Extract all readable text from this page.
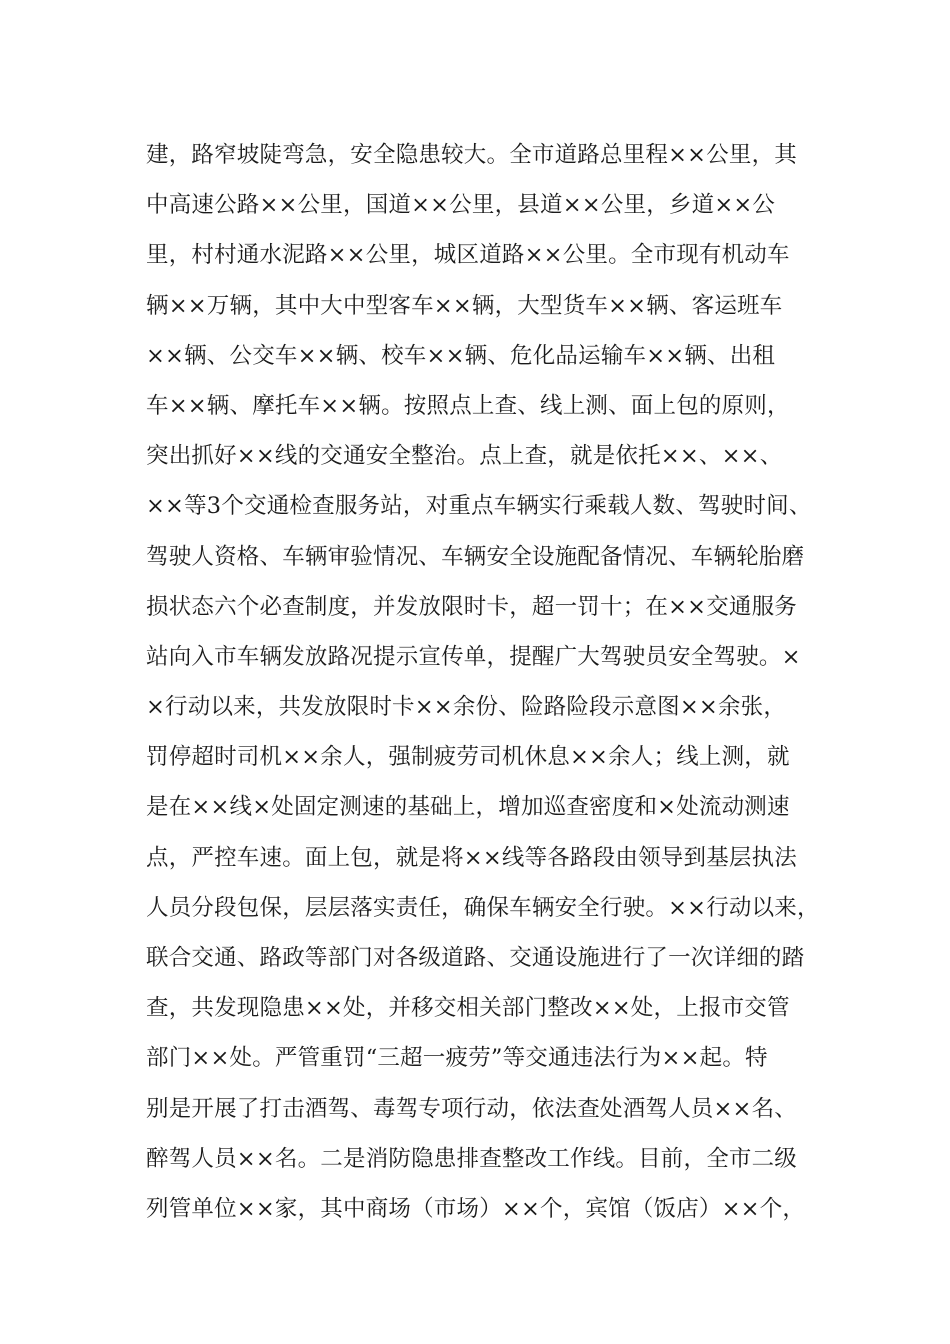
建，路窄坡陡弯急，安全隐患较大。全市道路总里程××公里，其
中高速公路××公里，国道××公里，县道××公里，乡道××公
里，村村通水泥路××公里，城区道路××公里。全市现有机动车
辆××万辆，其中大中型客车××辆，大型货车××辆、客运班车
××辆、公交车××辆、校车××辆、危化品运输车××辆、出租
车××辆、摩托车××辆。按照点上查、线上测、面上包的原则，
突出抓好××线的交通安全整治。点上查，就是依托××、××、
××等3个交通检查服务站，对重点车辆实行乘载人数、驾驶时间、
驾驶人资格、车辆审验情况、车辆安全设施配备情况、车辆轮胎磨
损状态六个必查制度，并发放限时卡，超一罚十；在××交通服务
站向入市车辆发放路况提示宣传单，提醒广大驾驶员安全驾驶。×
×行动以来，共发放限时卡××余份、险路险段示意图××余张，
罚停超时司机××余人，强制疲劳司机休息××余人；线上测，就
是在××线×处固定测速的基础上，增加巡查密度和×处流动测速
点，严控车速。面上包，就是将××线等各路段由领导到基层执法
人员分段包保，层层落实责任，确保车辆安全行驶。××行动以来，
联合交通、路政等部门对各级道路、交通设施进行了一次详细的踏
查，共发现隐患××处，并移交相关部门整改××处，上报市交管
部门××处。严管重罚“三超一疲劳”等交通违法行为××起。特
别是开展了打击酒驾、毒驾专项行动，依法查处酒驾人员××名、
醉驾人员××名。二是消防隐患排查整改工作线。目前，全市二级
列管单位××家，其中商场（市场）××个，宾馆（饭店）××个，
